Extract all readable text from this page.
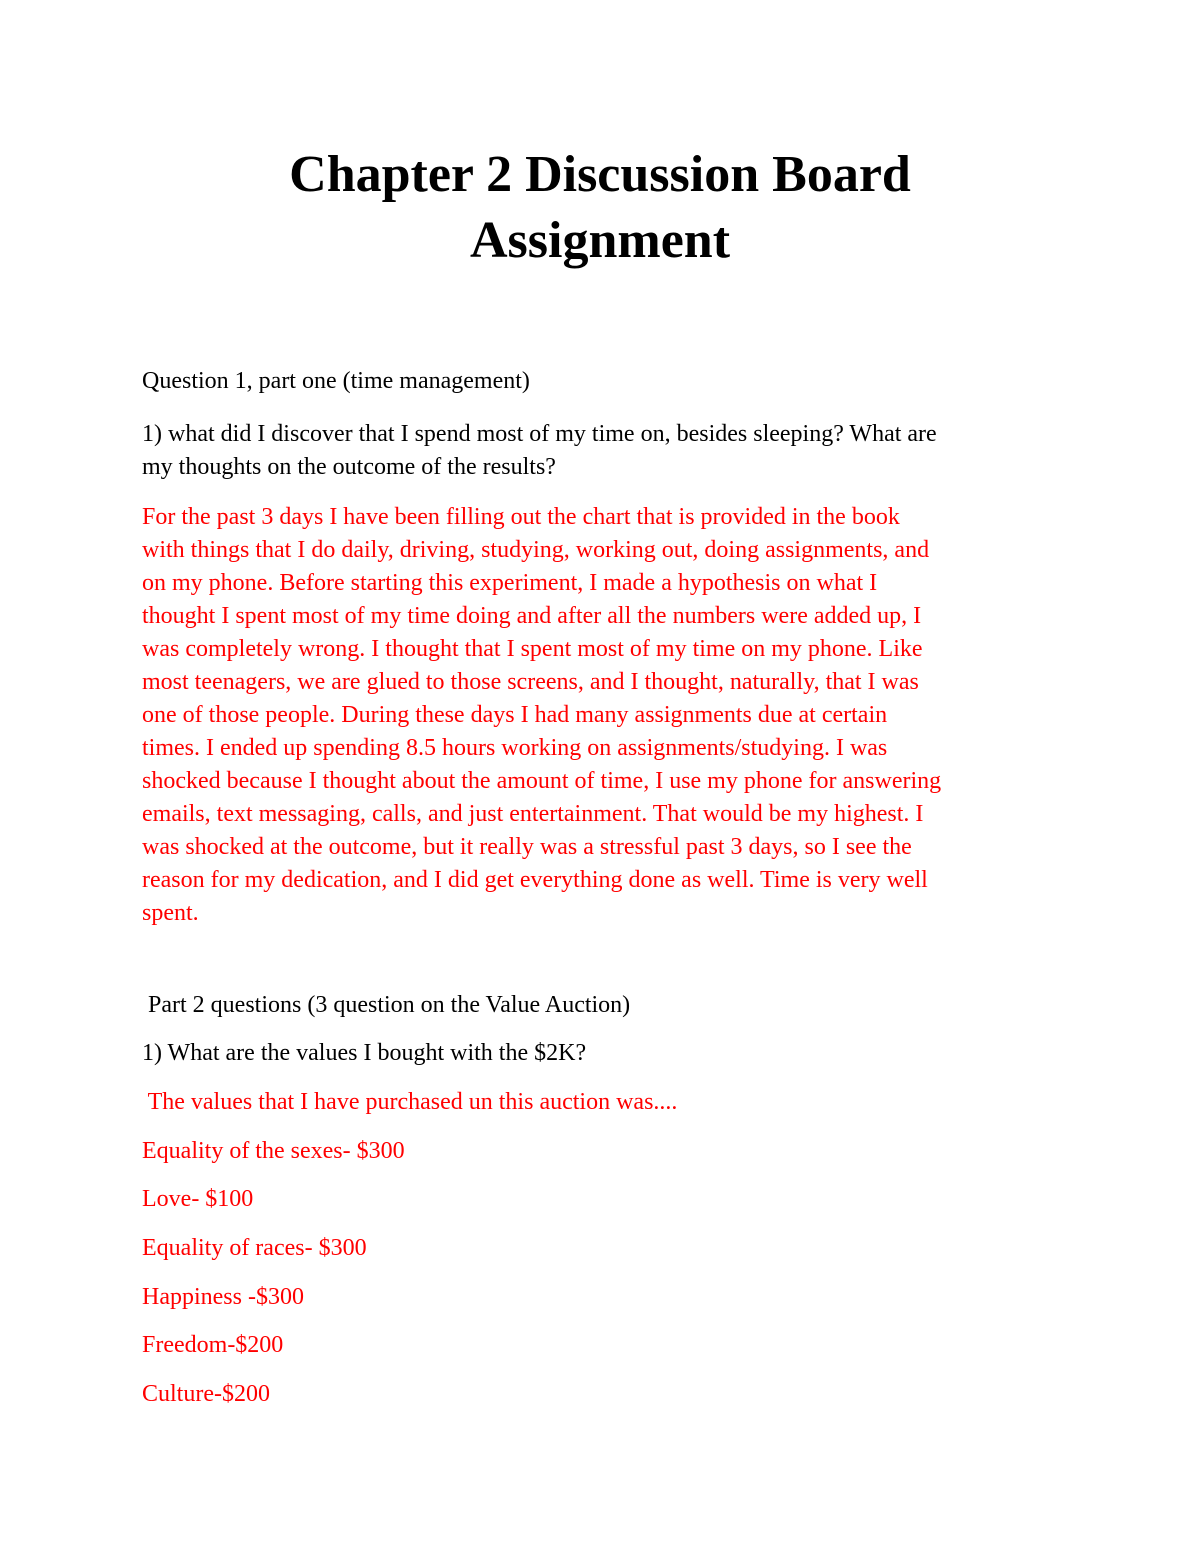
Chapter 2 Discussion Board
Assignment

Question 1, part one (time management)

1) what did I discover that I spend most of my time on, besides sleeping? What are

my thoughts on the outcome of the results?

For the past 3 days I have been filling out the chart that is provided in the book
with things that I do daily, driving, studying, working out, doing assignments, and
on my phone. Before starting this experiment, I made a hypothesis on what I
thought I spent most of my time doing and after all the numbers were added up, I
was completely wrong. I thought that I spent most of my time on my phone. Like
most teenagers, we are glued to those screens, and I thought, naturally, that I was
one of those people. During these days I had many assignments due at certain
times. I ended up spending 8.5 hours working on assignments/studying. I was
shocked because I thought about the amount of time, I use my phone for answering
emails, text messaging, calls, and just entertainment. That would be my highest. I
was shocked at the outcome, but it really was a stressful past 3 days, so I see the
reason for my dedication, and I did get everything done as well. Time is very well
spent.

Part 2 questions (3 question on the Value Auction)

1) What are the values I bought with the $2K?

The values that I have purchased un this auction was....

Equality of the sexes- $300

Love- $100

Equality of races- $300

Happiness -$300

Freedom-$200

Culture-$200
